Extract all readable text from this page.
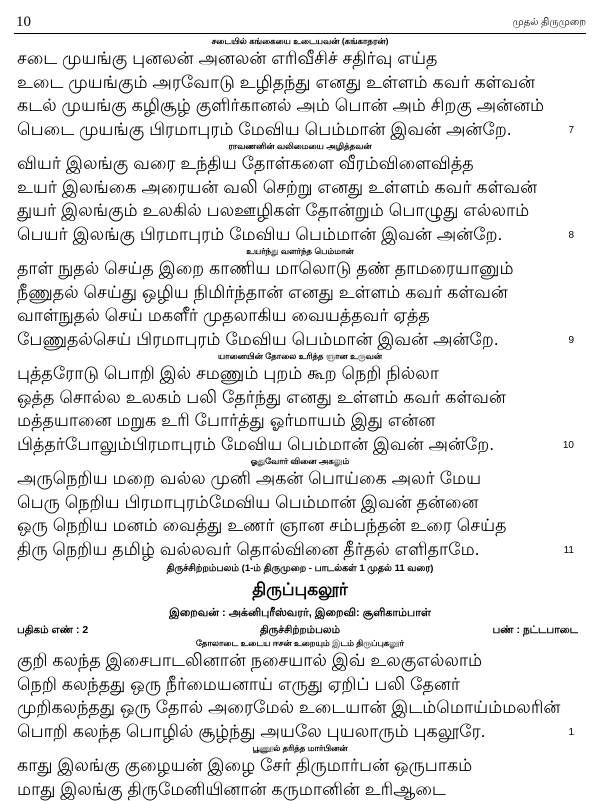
10	முதல் திருமுறை
சடையில் கங்கையை உடையவன் (கங்காதரன்)
சடை முயங்கு புனலன் அனலன் எரிவீசிச் சதிர்வு எய்த
உடை முயங்கும் அரவோடு உழிதந்து எனது உள்ளம் கவர் கள்வன்
கடல் முயங்கு கழிசூழ் குளிர்கானல் அம் பொன் அம் சிறகு அன்னம்
பெடை முயங்கு பிரமாபுரம் மேவிய பெம்மான் இவன் அன்றே.	7
ராவணனின் வலிமையை அழித்தவன்
வியர் இலங்கு வரை உந்திய தோள்களை வீரம்விளைவித்த
உயர் இலங்கை அரையன் வலி செற்று எனது உள்ளம் கவர் கள்வன்
துயர் இலங்கும் உலகில் பலஊழிகள் தோன்றும் பொழுது எல்லாம்
பெயர் இலங்கு பிரமாபுரம் மேவிய பெம்மான் இவன் அன்றே.	8
உயர்ந்து வளர்ந்த பெம்மான்
தாள் நுதல் செய்த இறை காணிய மாலொடு தண் தாமரையானும்
நீணுதல் செய்து ஒழிய நிமிர்ந்தான் எனது உள்ளம் கவர் கள்வன்
வாள்நுதல் செய் மகளீர் முதலாகிய வையத்தவர் ஏத்த
பேணுதல்செய் பிரமாபுரம் மேவிய பெம்மான் இவன் அன்றே.	9
யானையின் தோலை உரித்த ஞான உருவன்
புத்தரோடு பொறி இல் சமணும் புறம் கூற நெறி நில்லா
ஒத்த சொல்ல உலகம் பலி தேர்ந்து எனது உள்ளம் கவர் கள்வன்
மத்தயானை மறுக உரி போர்த்து ஓர்மாயம் இது என்ன
பித்தர்போலும்பிரமாபுரம் மேவிய பெம்மான் இவன் அன்றே.	10
ஓதுவோர் வினை அகலும்
அருநெறிய மறை வல்ல முனி அகன் பொய்கை அலர் மேய
பெரு நெறிய பிரமாபுரம்மேவிய பெம்மான் இவன் தன்னை
ஒரு நெறிய மனம் வைத்து உணர் ஞான சம்பந்தன் உரை செய்த
திரு நெறிய தமிழ் வல்லவர் தொல்வினை தீர்தல் எளிதாமே.	11
திருச்சிற்றம்பலம் (1-ம் திருமுறை - பாடல்கள் 1 முதல் 11 வரை)
திருப்புகலூர்
இறைவன் : அக்னிபுரீஸ்வரர், இறைவி: சூளிகாம்பாள்
திருச்சிற்றம்பலம்
பதிகம் எண் : 2	பண் : நட்டபாடை
தோலாடை உடைய ஈசன் உறையும் இடம் திருப்புகலூர்
குறி கலந்த இசைபாடலினான் நசையால் இவ் உலகுஎல்லாம்
நெறி கலந்தது ஒரு நீர்மையனாய் எருது ஏறிப் பலி தேனர்
முறிகலந்தது ஒரு தோல் அரைமேல் உடையான் இடம்மொய்ம்மலரின்
பொறி கலந்த பொழில் சூழ்ந்து அயலே புயலாரும் புகலூரே.	1
பூணூல் தரித்த மார்பினன்
காது இலங்கு குழையன் இழை சேர் திருமார்பன் ஒருபாகம்
மாது இலங்கு திருமேனியினான் கருமானின் உரிஆடை
